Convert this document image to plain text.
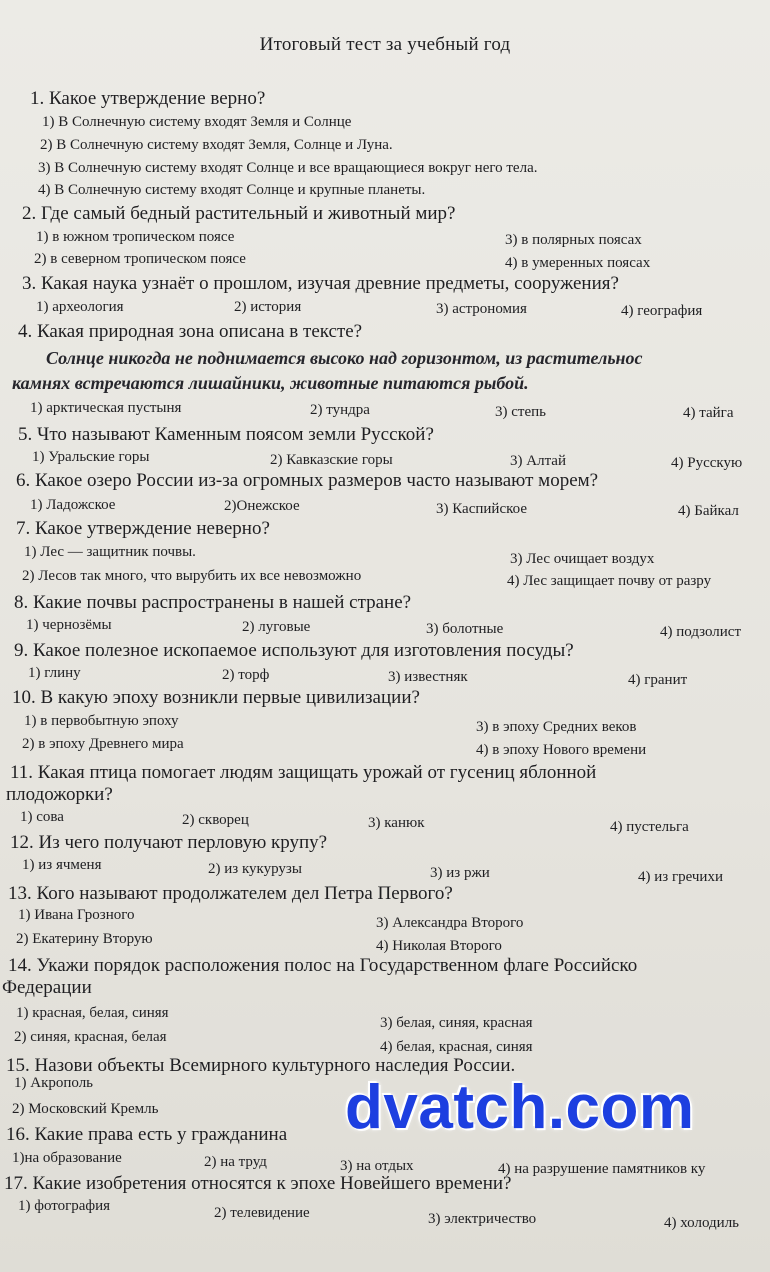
Итоговый тест за учебный год
1. Какое утверждение верно?
1) В Солнечную систему входят Земля и Солнце
2) В Солнечную систему входят Земля, Солнце и Луна.
3) В Солнечную систему входят Солнце и все вращающиеся вокруг него тела.
4) В Солнечную систему входят Солнце и крупные планеты.
2. Где самый бедный растительный и животный мир?
1) в южном тропическом поясе
2) в северном тропическом поясе
3) в полярных поясах
4) в умеренных поясах
3. Какая наука узнаёт о прошлом, изучая древние предметы, сооружения?
1) археология	2) история	3) астрономия	4) география
4. Какая природная зона описана в тексте?
Солнце никогда не поднимается высоко над горизонтом, из растительнос
камнях встречаются лишайники, животные питаются рыбой.
1) арктическая пустыня	2) тундра	3) степь	4) тайга
5. Что называют Каменным поясом земли Русской?
1) Уральские горы	2) Кавказские горы	3) Алтай	4) Русскую
6. Какое озеро России из-за огромных размеров часто называют морем?
1) Ладожское	2)Онежское	3) Каспийское	4) Байкал
7. Какое утверждение неверно?
1) Лес — защитник почвы.
2) Лесов так много, что вырубить их все невозможно
3) Лес очищает воздух
4) Лес защищает почву от разру
8. Какие почвы распространены в нашей стране?
1) чернозёмы	2) луговые	3) болотные	4) подзолист
9. Какое полезное ископаемое используют для изготовления посуды?
1) глину	2) торф	3) известняк	4) гранит
10. В какую эпоху возникли первые цивилизации?
1) в первобытную эпоху
2) в эпоху Древнего мира
3) в эпоху Средних веков
4) в эпоху Нового времени
11. Какая птица помогает людям защищать урожай от гусениц яблонной
плодожорки?
1) сова	2) скворец	3) канюк	4) пустельга
12. Из чего получают перловую крупу?
1) из ячменя	2) из кукурузы	3) из ржи	4) из гречихи
13. Кого называют продолжателем дел Петра Первого?
1) Ивана Грозного
2) Екатерину Вторую
3) Александра Второго
4) Николая Второго
14. Укажи порядок расположения полос на Государственном флаге Российско
Федерации
1) красная, белая, синяя
2) синяя, красная, белая
3) белая, синяя, красная
4) белая, красная, синяя
15. Назови объекты Всемирного культурного наследия России.
1) Акрополь
2) Московский Кремль
16. Какие права есть у гражданина
1)на образование	2) на труд	3) на отдых	4) на разрушение памятников ку
17. Какие изобретения относятся к эпохе Новейшего времени?
1) фотография	2) телевидение	3) электричество	4) холодиль
dvatch.com
